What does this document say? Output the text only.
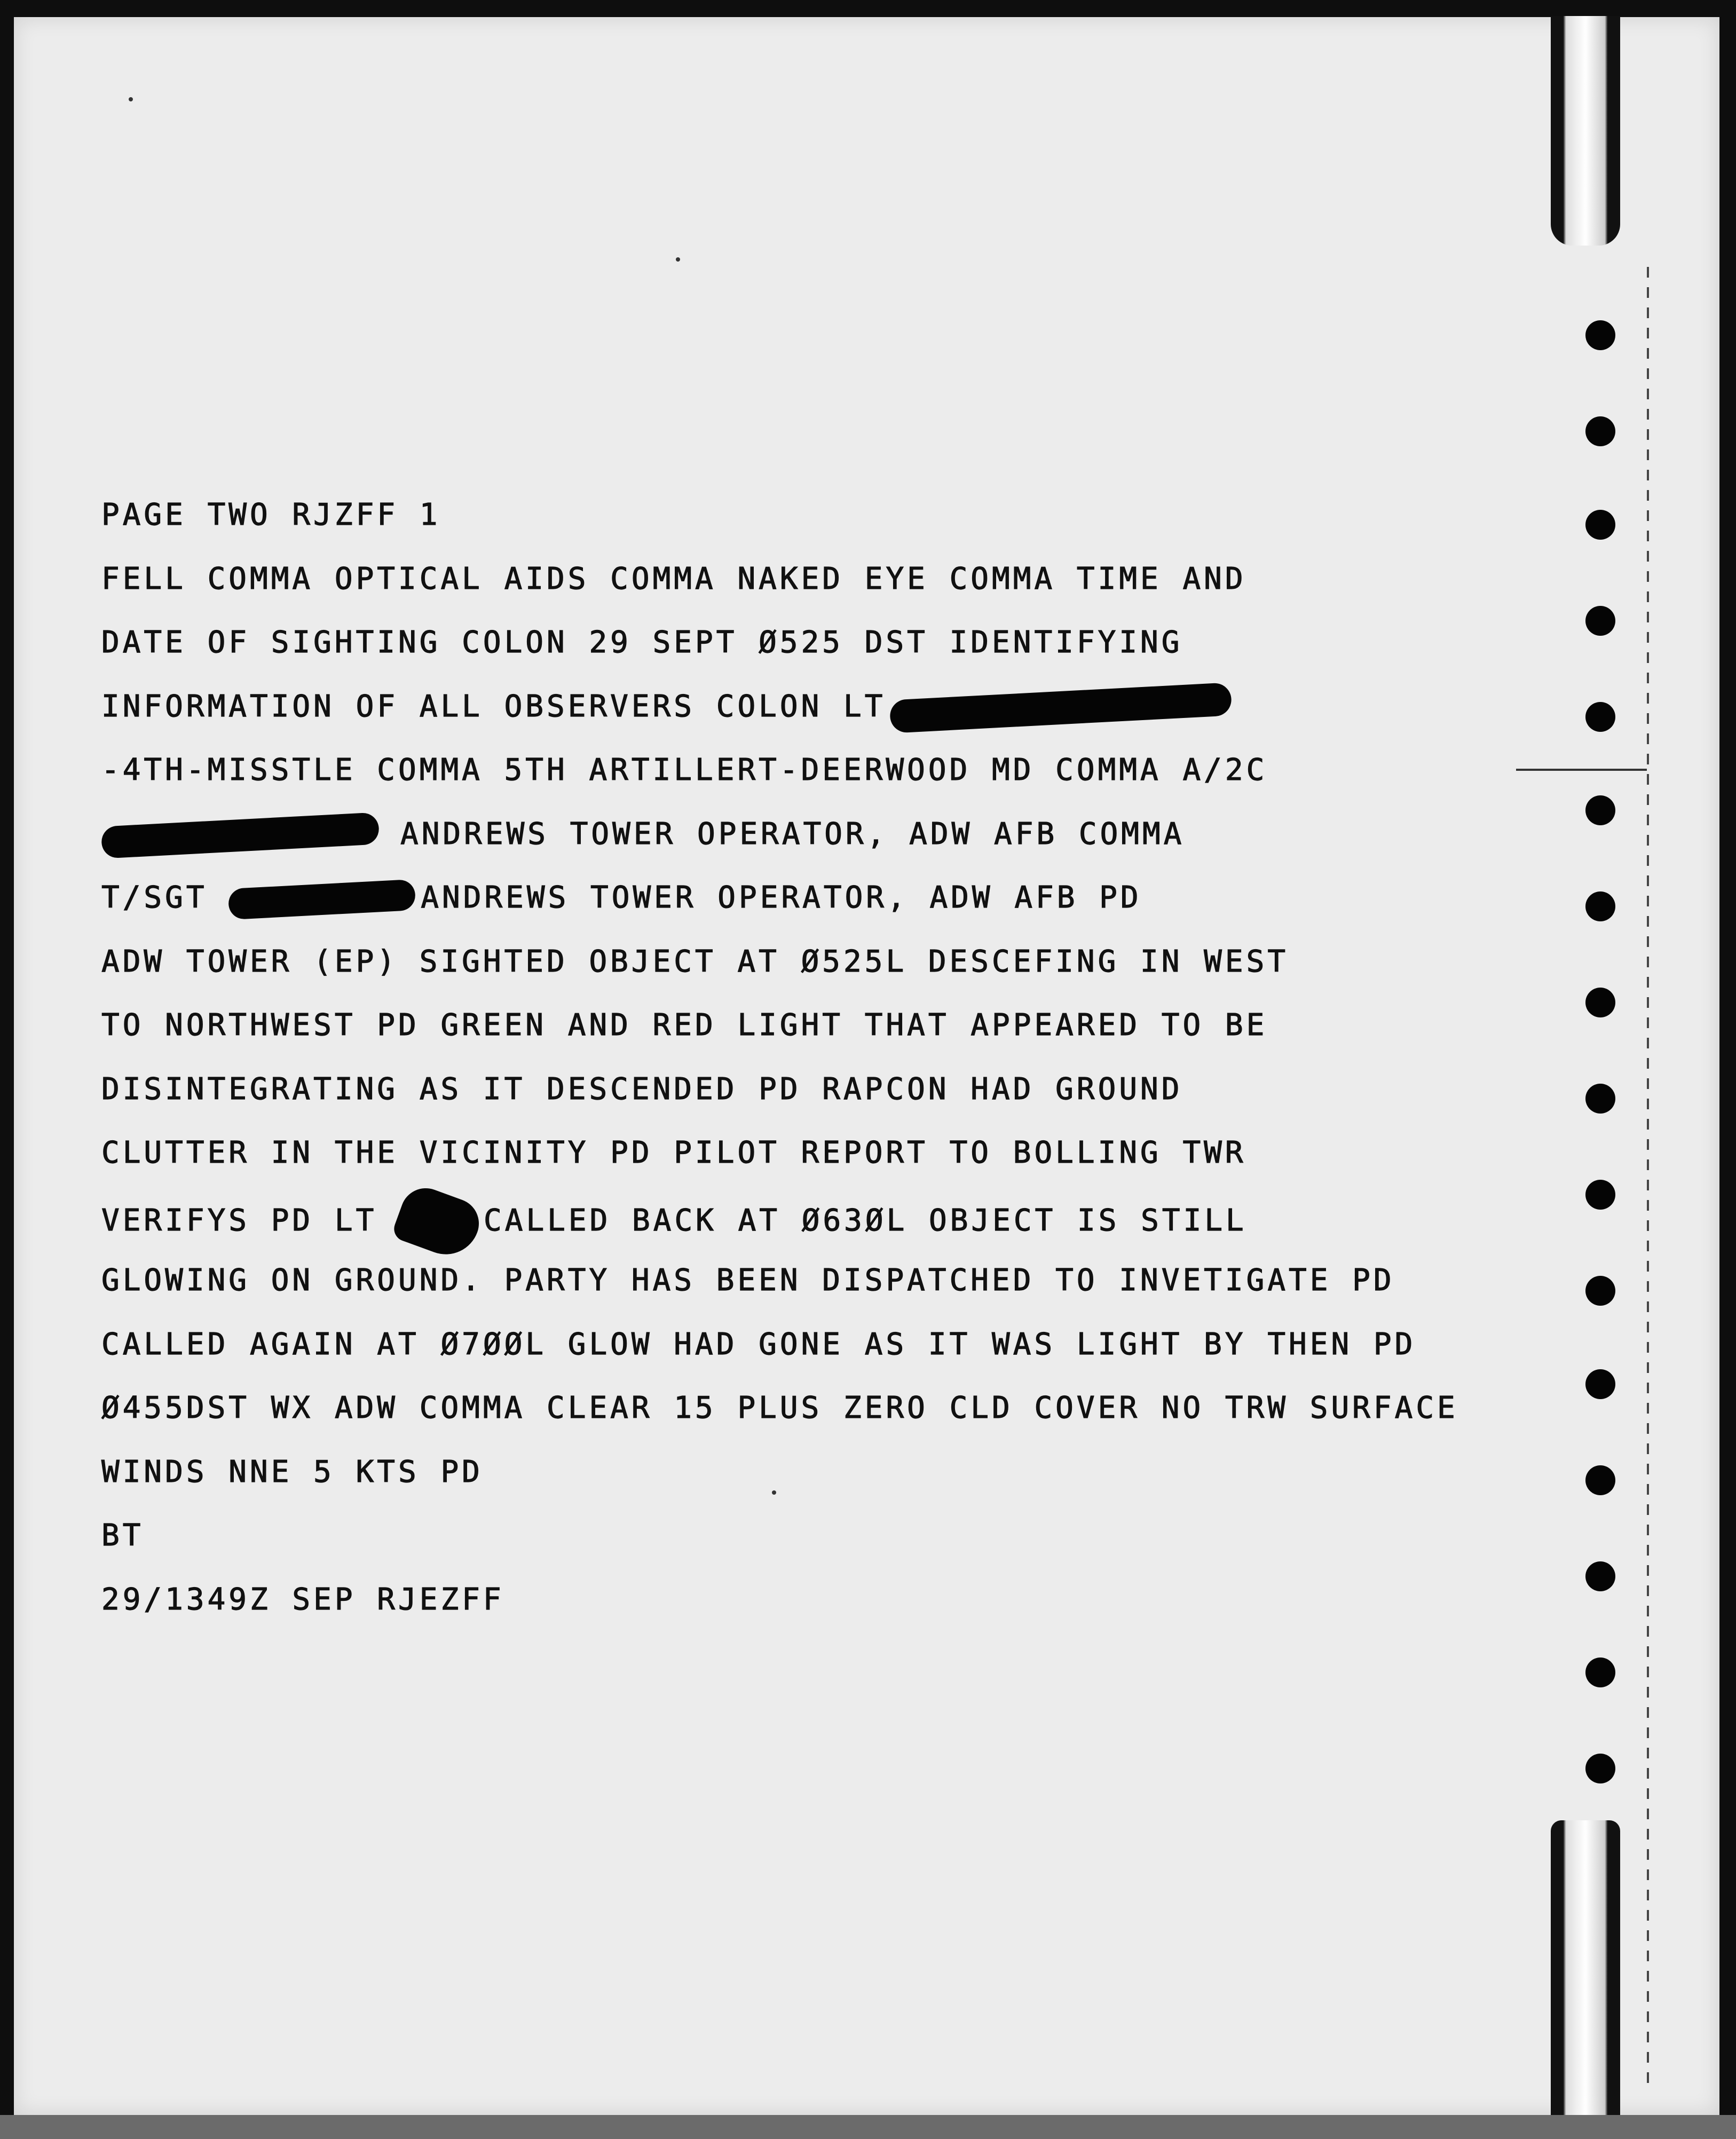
PAGE TWO RJZFF 1
FELL COMMA OPTICAL AIDS COMMA NAKED EYE COMMA TIME AND
DATE OF SIGHTING COLON 29 SEPT Ø525 DST IDENTIFYING
INFORMATION OF ALL OBSERVERS COLON LT
-4TH-MISSTLE COMMA 5TH ARTILLERT-DEERWOOD MD COMMA A/2C
ANDREWS TOWER OPERATOR, ADW AFB COMMA
T/SGT	ANDREWS TOWER OPERATOR, ADW AFB PD
ADW TOWER (EP) SIGHTED OBJECT AT Ø525L DESCEFING IN WEST
TO NORTHWEST PD GREEN AND RED LIGHT THAT APPEARED TO BE
DISINTEGRATING AS IT DESCENDED PD RAPCON HAD GROUND
CLUTTER IN THE VICINITY PD PILOT REPORT TO BOLLING TWR
VERIFYS PD LT	CALLED BACK AT Ø63ØL OBJECT IS STILL
GLOWING ON GROUND. PARTY HAS BEEN DISPATCHED TO INVETIGATE PD
CALLED AGAIN AT Ø7ØØL GLOW HAD GONE AS IT WAS LIGHT BY THEN PD
Ø455DST WX ADW COMMA CLEAR 15 PLUS ZERO CLD COVER NO TRW SURFACE
WINDS NNE 5 KTS PD
BT
29/1349Z SEP RJEZFF
